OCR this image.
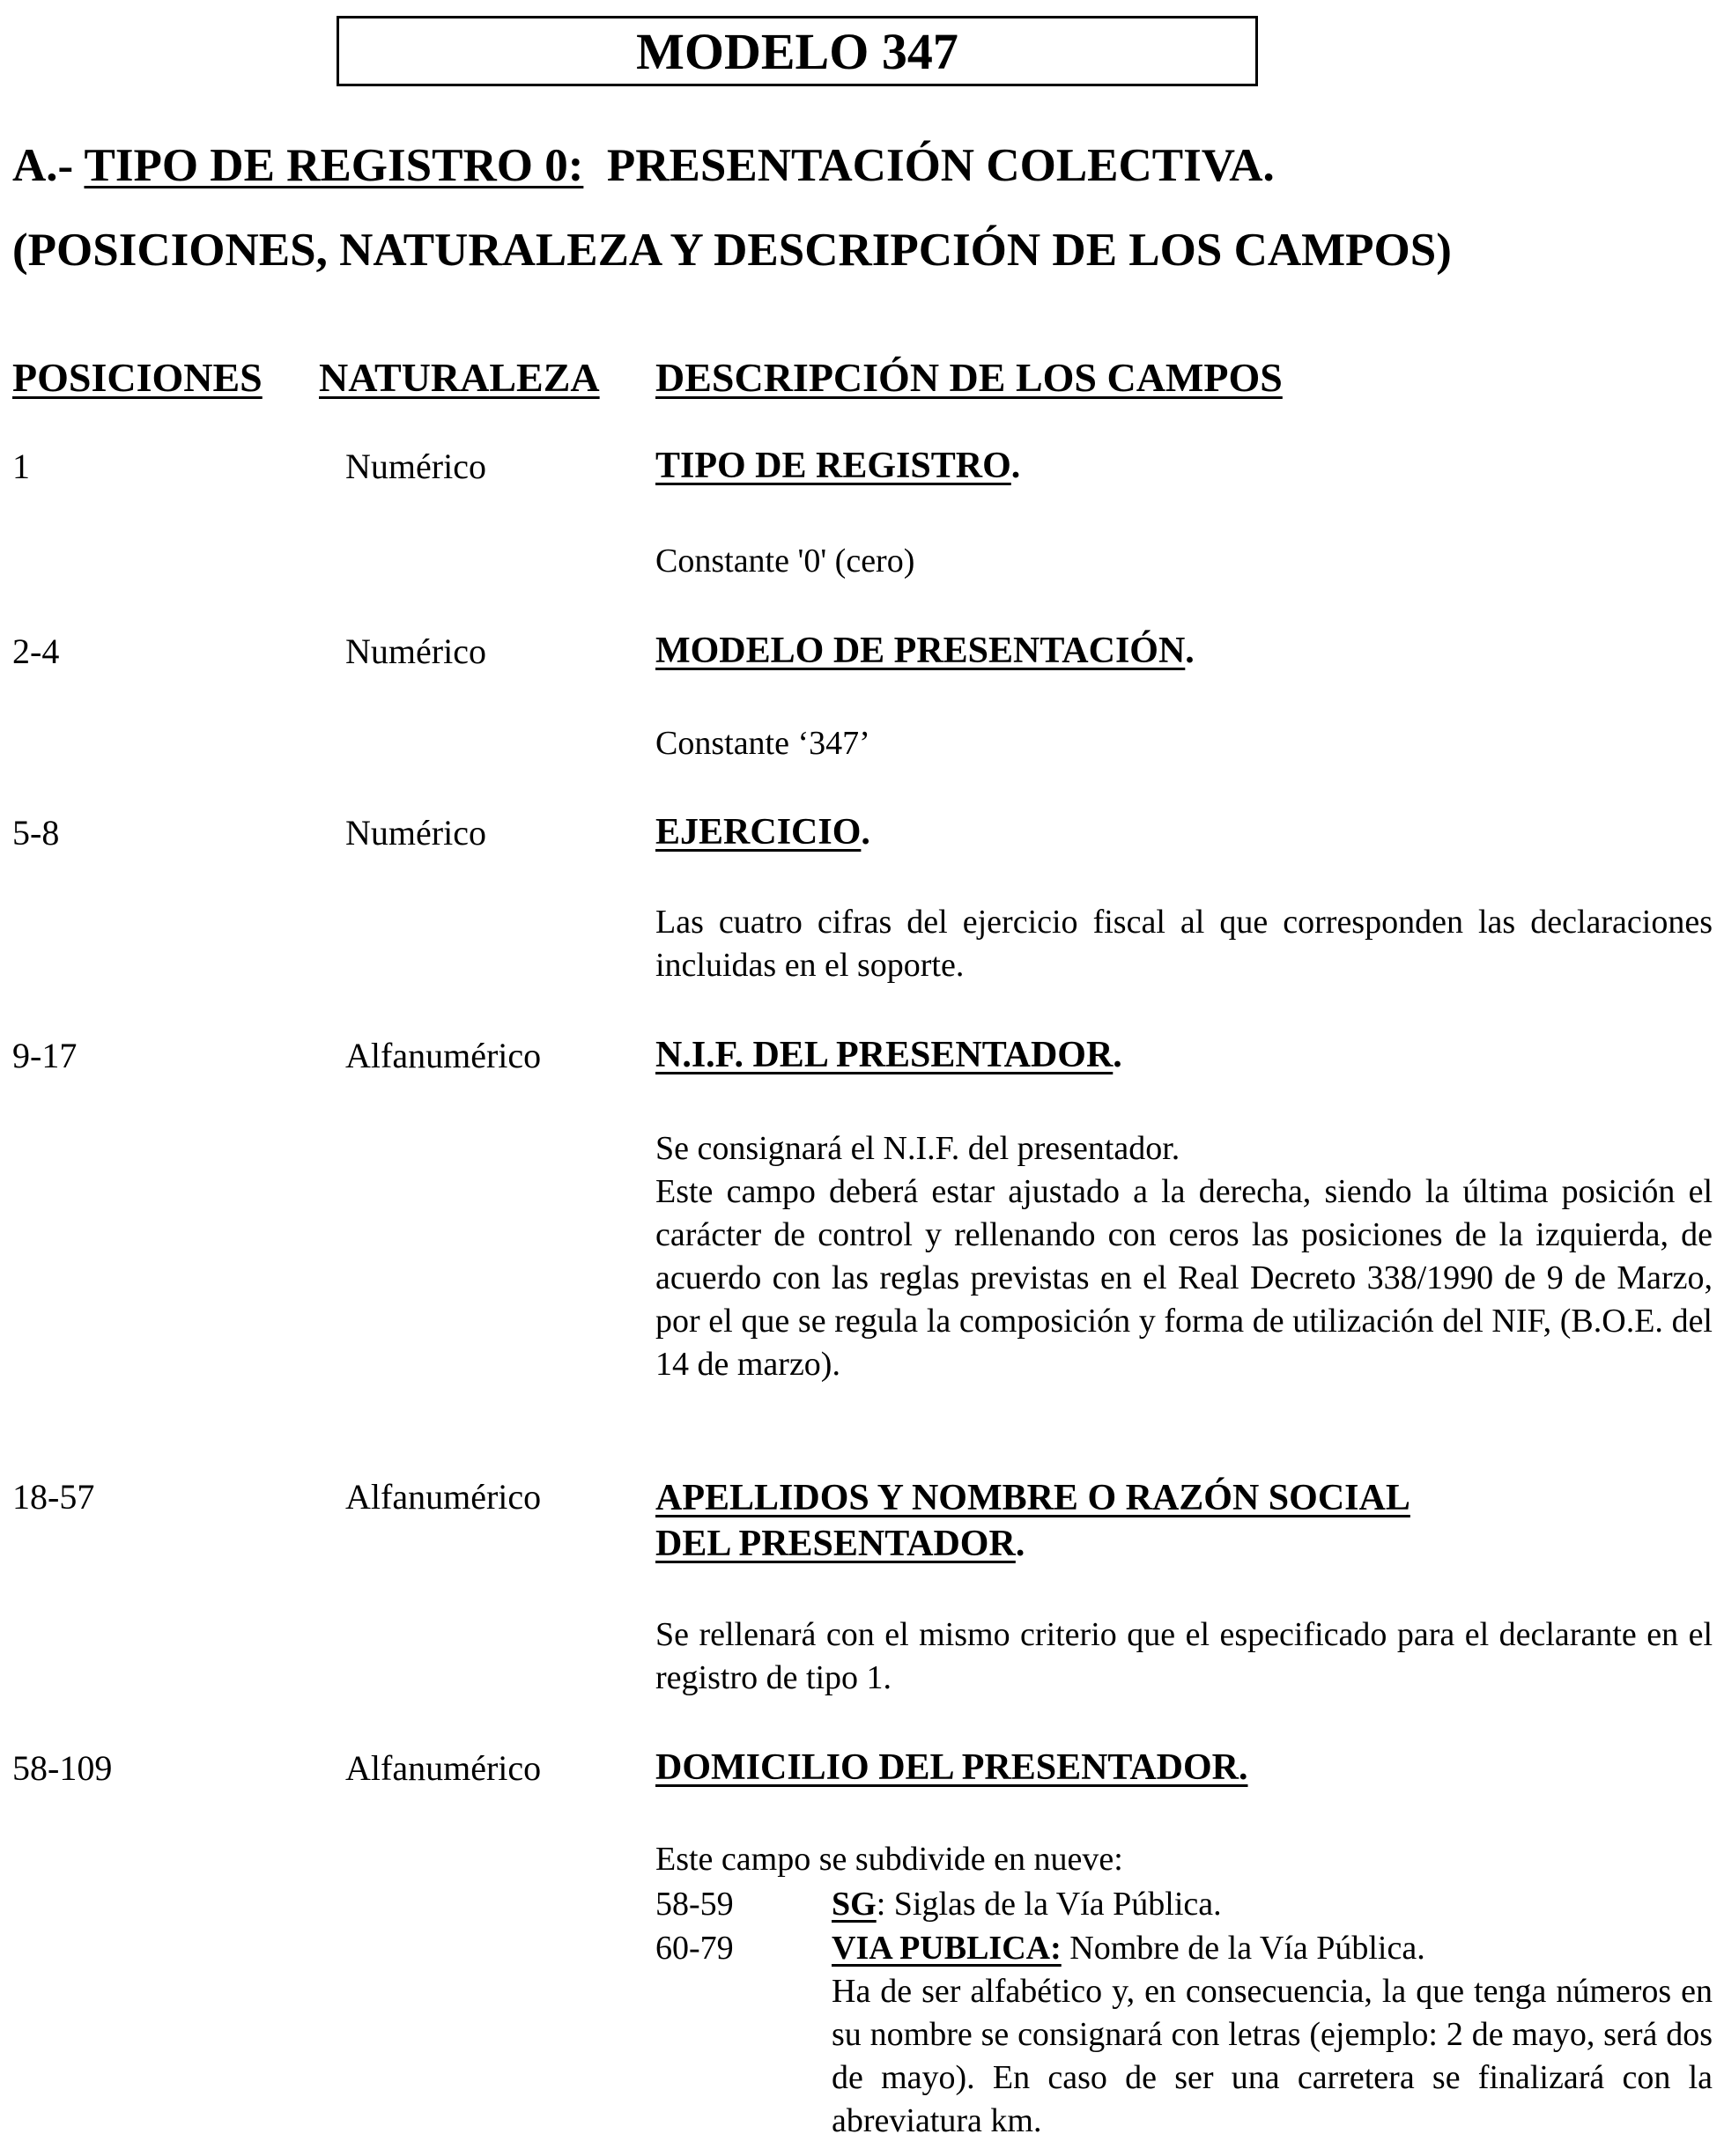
MODELO 347
A.- TIPO DE REGISTRO 0: PRESENTACIÓN COLECTIVA.
(POSICIONES, NATURALEZA Y DESCRIPCIÓN DE LOS CAMPOS)
POSICIONES NATURALEZA DESCRIPCIÓN DE LOS CAMPOS
1	Numérico	TIPO DE REGISTRO.

Constante '0' (cero)

2-4	Numérico	MODELO DE PRESENTACIÓN.

Constante ‘347’

5-8	Numérico	EJERCICIO.

Las cuatro cifras del ejercicio fiscal al que corresponden las declaraciones incluidas en el soporte.

9-17	Alfanumérico	N.I.F. DEL PRESENTADOR.

Se consignará el N.I.F. del presentador.

Este campo deberá estar ajustado a la derecha, siendo la última posición el carácter de control y rellenando con ceros las posiciones de la izquierda, de acuerdo con las reglas previstas en el Real Decreto 338/1990 de 9 de Marzo, por el que se regula la composición y forma de utilización del NIF, (B.O.E. del 14 de marzo).

18-57	Alfanumérico	APELLIDOS Y NOMBRE O RAZÓN SOCIAL
DEL PRESENTADOR.

Se rellenará con el mismo criterio que el especificado para el declarante en el registro de tipo 1.

58-109	Alfanumérico	DOMICILIO DEL PRESENTADOR.

Este campo se subdivide en nueve:

58-59	SG: Siglas de la Vía Pública.
60-79	VIA PUBLICA: Nombre de la Vía Pública.
Ha de ser alfabético y, en consecuencia, la que tenga números en su nombre se consignará con letras (ejemplo: 2 de mayo, será dos de mayo). En caso de ser una carretera se finalizará con la abreviatura km.
